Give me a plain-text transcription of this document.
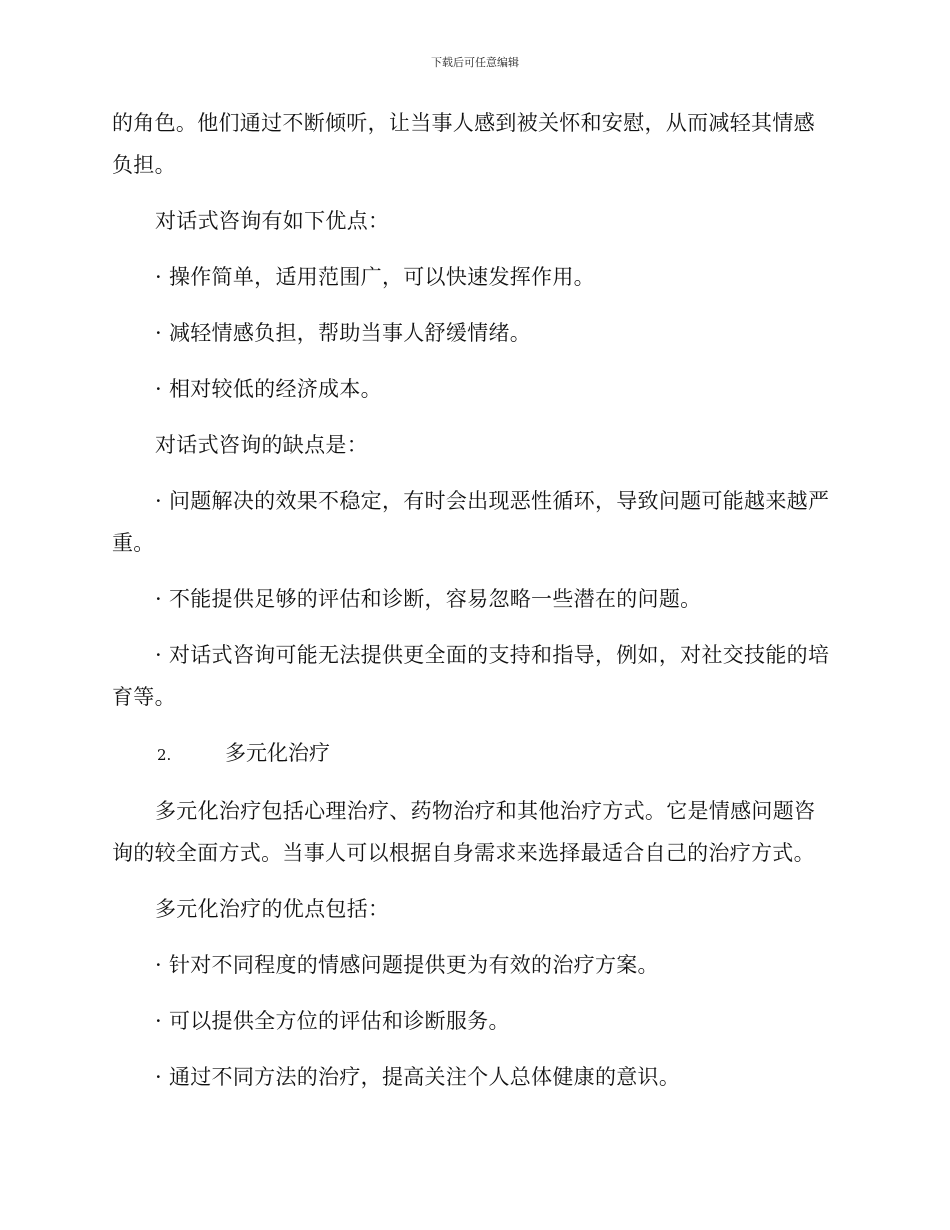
下载后可任意编辑

的角色。他们通过不断倾听，让当事人感到被关怀和安慰，从而减轻其情感负担。

对话式咨询有如下优点：

· 操作简单，适用范围广，可以快速发挥作用。

· 减轻情感负担，帮助当事人舒缓情绪。

· 相对较低的经济成本。

对话式咨询的缺点是：

· 问题解决的效果不稳定，有时会出现恶性循环，导致问题可能越来越严重。

· 不能提供足够的评估和诊断，容易忽略一些潜在的问题。

· 对话式咨询可能无法提供更全面的支持和指导，例如，对社交技能的培育等。

2.	多元化治疗

多元化治疗包括心理治疗、药物治疗和其他治疗方式。它是情感问题咨询的较全面方式。当事人可以根据自身需求来选择最适合自己的治疗方式。

多元化治疗的优点包括：

· 针对不同程度的情感问题提供更为有效的治疗方案。

· 可以提供全方位的评估和诊断服务。

· 通过不同方法的治疗，提高关注个人总体健康的意识。
